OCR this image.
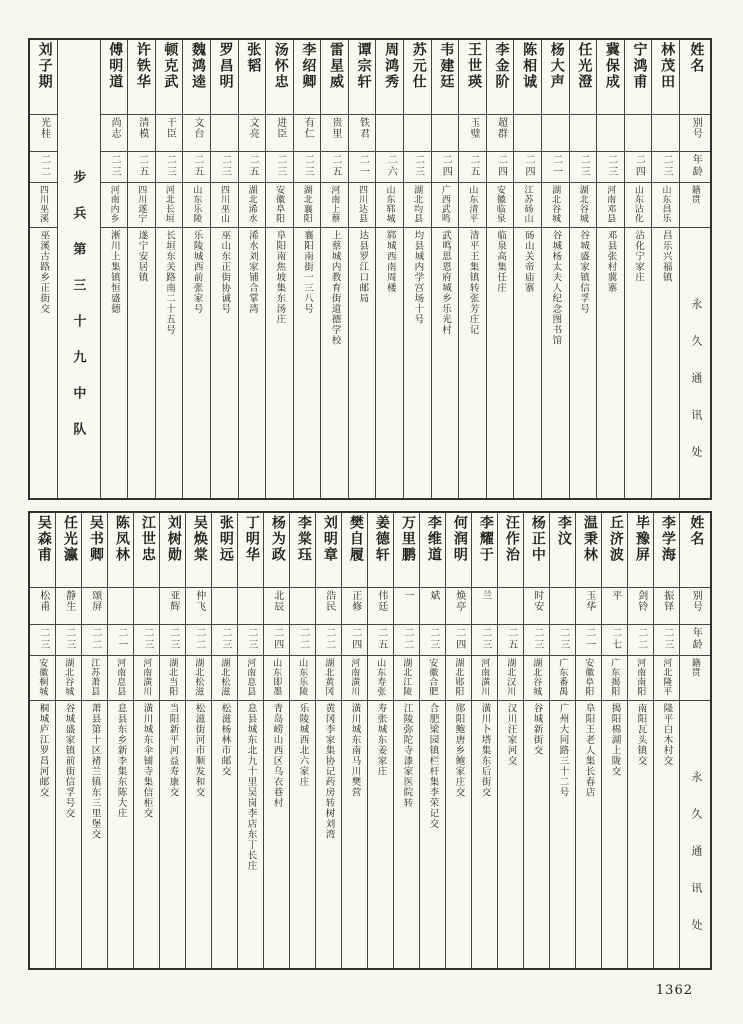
姓名
别号
年龄
籍贯
永久通讯处
林茂田
二三
山东昌乐
昌乐兴福镇
宁鸿甫
二四
山东沾化
沾化宁家庄
冀保成
二三
河南邓县
邓县张村冀寨
任光澄
二三
湖北谷城
谷城盛家镇信孚号
杨大声
二一
湖北谷城
谷城杨太夫人纪念图书馆
陈相诚
二四
江苏砀山
砀山关帝庙寨
李金阶
超群
二四
安徽临泉
临泉高集任庄
王世瑛
玉璧
二五
山东清平
清平王集镇转张芳庄记
韦建廷
二四
广西武鸣
武鸣思恩府城乡乐光村
苏元仕
二三
湖北均县
均县城内学宫场十号
周鸿秀
二六
山东郓城
郓城西南周楼
谭宗轩
铁君
二一
四川达县
达县罗江口邮局
雷星威
贵里
二五
河南上蔡
上蔡城内教育街道德学校
李绍卿
有仁
二三
湖北襄阳
襄阳南街一三八号
汤怀忠
进臣
二三
安徽阜阳
阜阳南焦坡集东汤庄
张韬
文亮
二五
湖北浠水
浠水刘家铺合掌湾
罗昌明
二三
四川巫山
巫山东正街协诚号
魏鸿逵
文台
二五
山东乐陵
乐陵城西前张家号
顿克武
干臣
二三
河北长垣
长垣东关路南二十五号
许铁华
清模
二五
四川遂宁
遂宁安居镇
傅明道
尚志
二三
河南内乡
淅川上集镇恒盛德
步兵第三十九中队
刘子期
光桂
二二
四川巫溪
巫溪古路乡正街交
姓名
别号
年龄
籍贯
永久通讯处
李学海
振铎
二三
河北隆平
隆平白木村交
毕豫屏
剑铃
二二
河南南阳
南阳瓦头镇交
丘济波
平
二七
广东揭阳
揭阳棉湖上陇交
温秉林
玉华
二一
安徽阜阳
阜阳王老人集长春店
李汶
二三
广东番禺
广州大同路三十二号
杨正中
时安
二三
湖北谷城
谷城新街交
汪作治
二五
湖北汉川
汉川汪家河交
李耀于
兰
二三
河南潢川
潢川卜塔集东后街交
何润明
焕亭
二四
湖北郧阳
郧阳鲍唐乡鲍家庄交
李维道
斌
二三
安徽合肥
合肥梁园镇栏杆集李荣记交
万里鹏
一
二二
湖北江陵
江陵弥陀寺漆家医院转
姜德轩
伟廷
二五
山东寿张
寿张城东姜家庄
樊自履
正修
二四
河南潢川
潢川城东南马川樊营
刘明章
浩民
二二
湖北黄冈
黄冈李家集协记药房转树刘湾
李棠珏
二二
山东乐陵
乐陵城西北六家庄
杨为政
北辰
二四
山东即墨
青岛崂山西区乌衣巷村
丁明华
二三
河南息县
息县城东北九十里吴岗李店东丁长庄
张明远
二三
湖北松滋
松滋杨林市邮交
吴焕棠
仲飞
二二
湖北松滋
松滋街河市顺发和交
刘树勋
亚辉
二三
湖北当阳
当阳新平河益寿康交
江世忠
二三
河南潢川
潢川城东伞铺寺集信柜交
陈凤林
二一
河南息县
息县东乡新李集东陈大庄
吴书卿
颂屏
二二
江苏萧县
萧县第十区褚兰镇东三里堡交
任光瀛
静生
二三
湖北谷城
谷城盛家镇前街信孚号交
吴森甫
松甫
二三
安徽桐城
桐城庐江罗昌河邮交
1362
